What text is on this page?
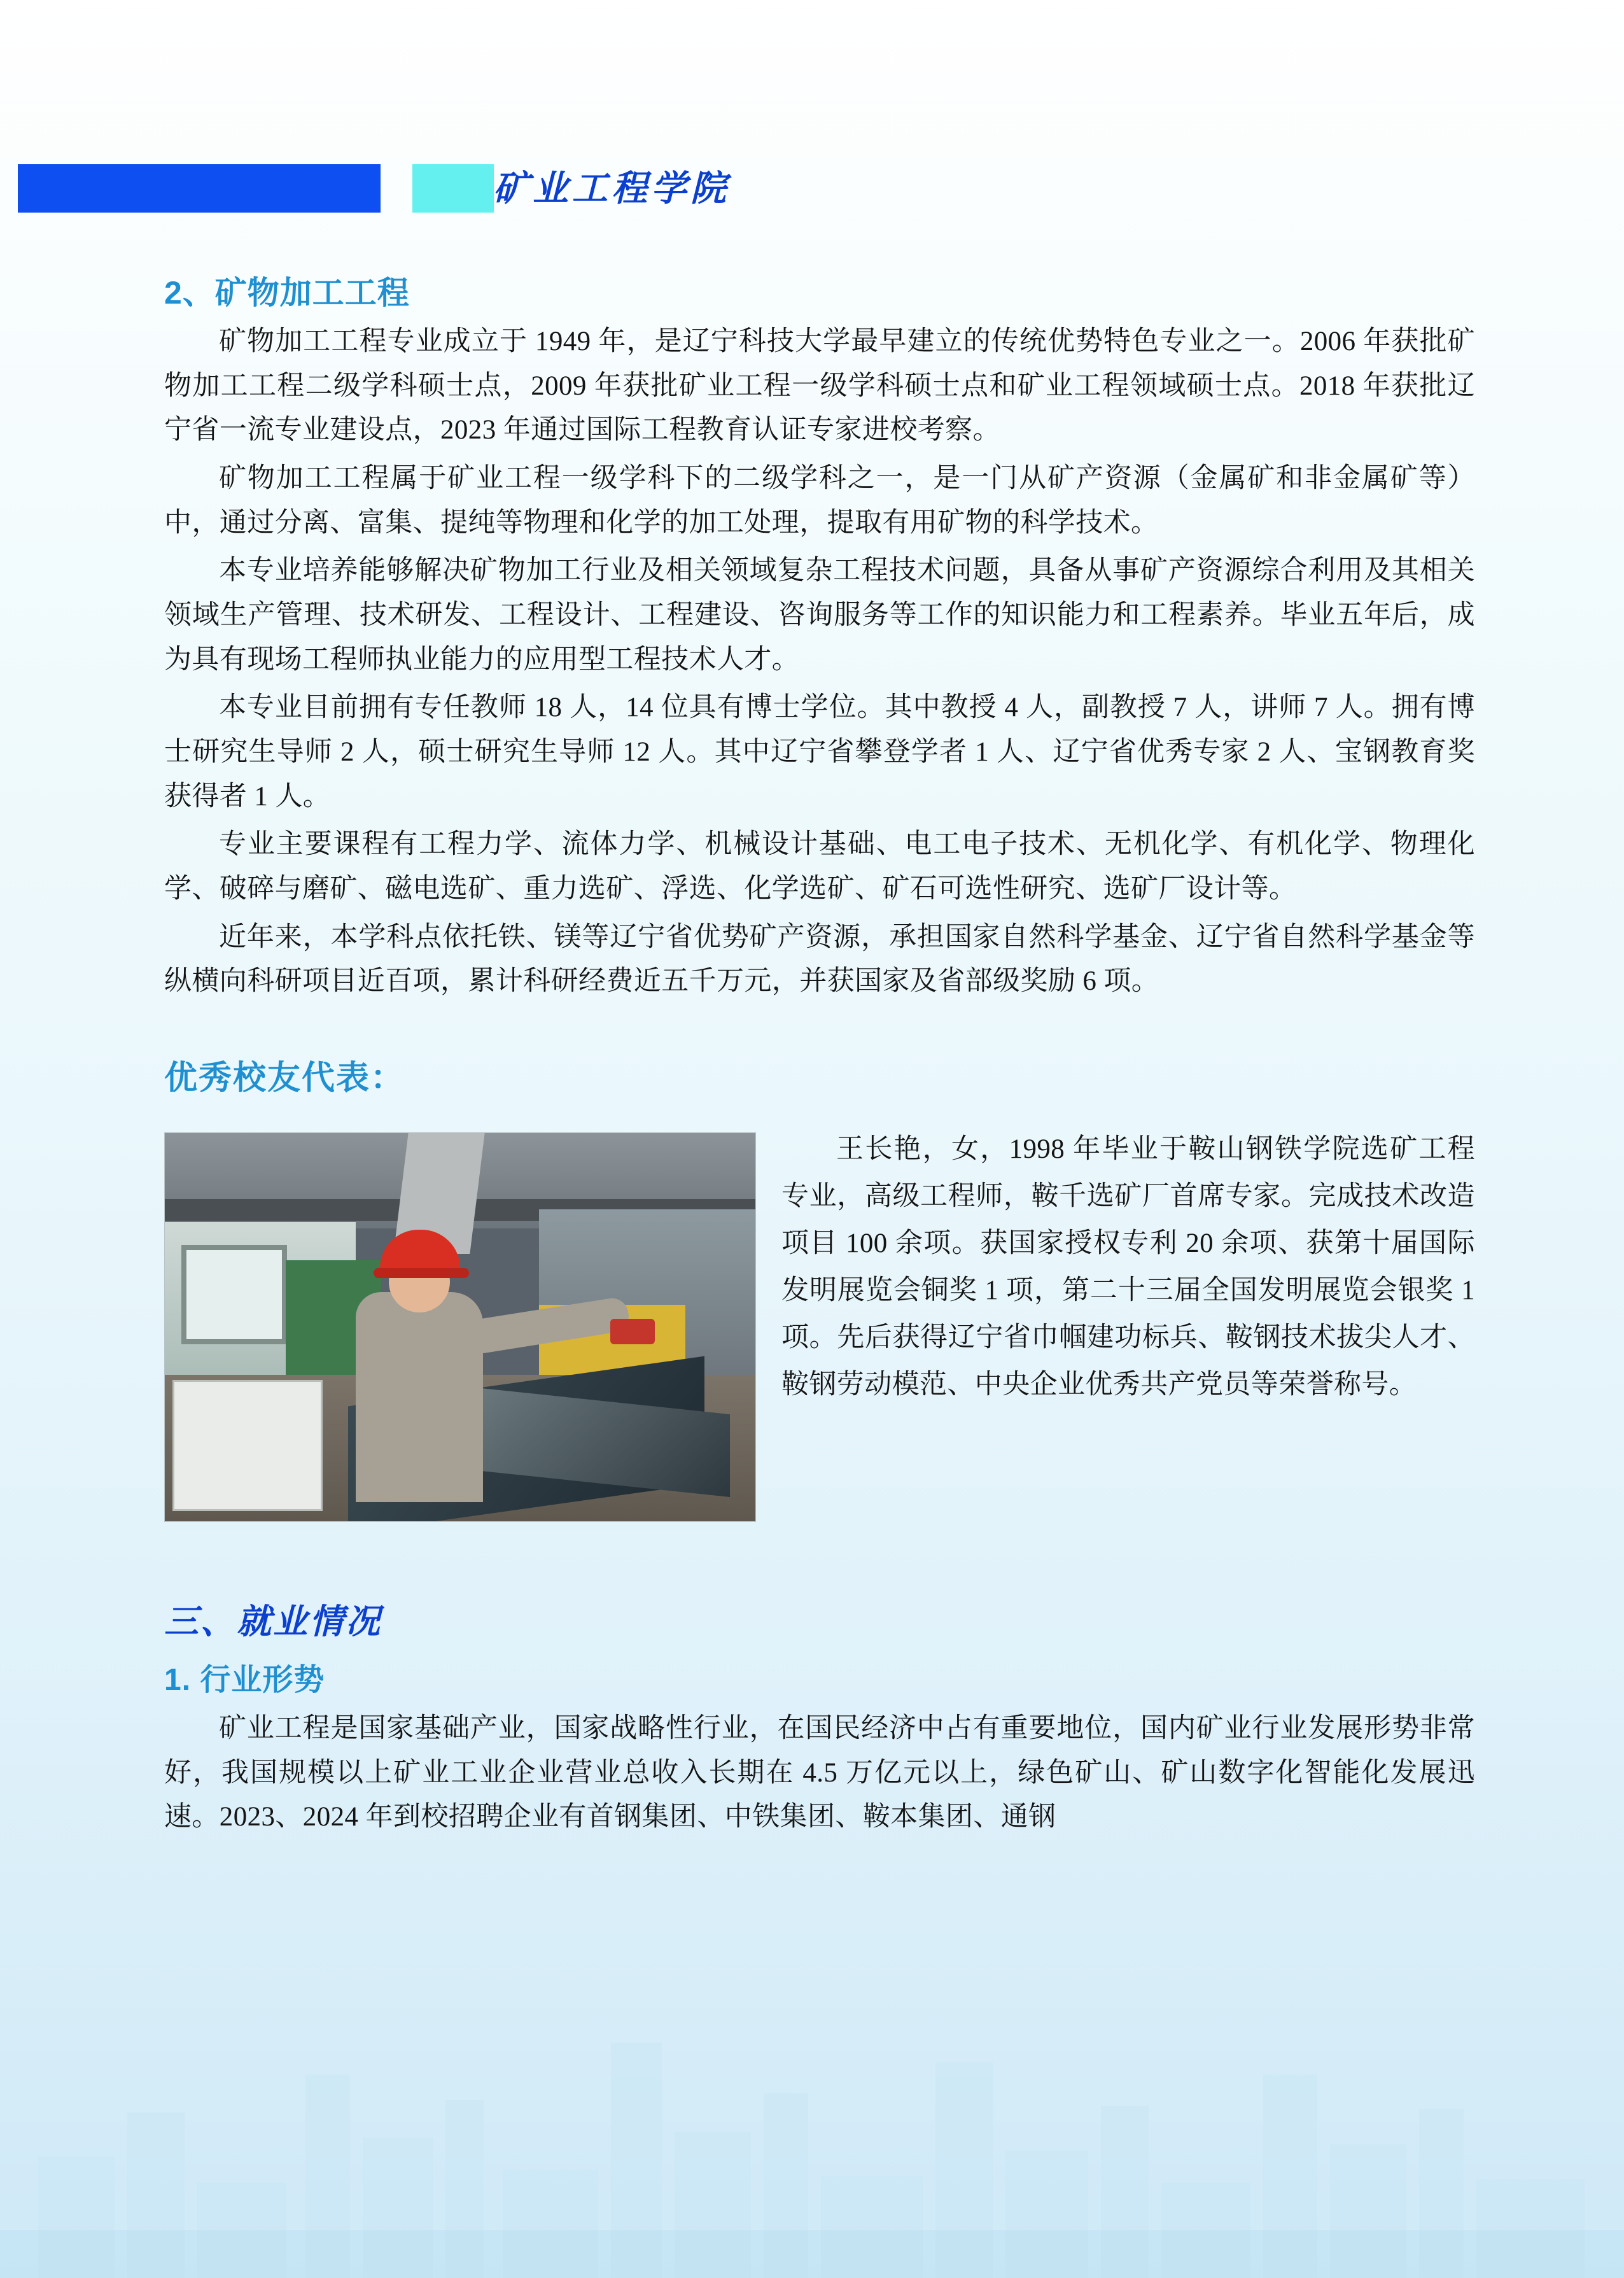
矿业工程学院
2、矿物加工工程

矿物加工工程专业成立于 1949 年，是辽宁科技大学最早建立的传统优势特色专业之一。2006 年获批矿物加工工程二级学科硕士点，2009 年获批矿业工程一级学科硕士点和矿业工程领域硕士点。2018 年获批辽宁省一流专业建设点，2023 年通过国际工程教育认证专家进校考察。

矿物加工工程属于矿业工程一级学科下的二级学科之一，是一门从矿产资源（金属矿和非金属矿等）中，通过分离、富集、提纯等物理和化学的加工处理，提取有用矿物的科学技术。

本专业培养能够解决矿物加工行业及相关领域复杂工程技术问题，具备从事矿产资源综合利用及其相关领域生产管理、技术研发、工程设计、工程建设、咨询服务等工作的知识能力和工程素养。毕业五年后，成为具有现场工程师执业能力的应用型工程技术人才。

本专业目前拥有专任教师 18 人，14 位具有博士学位。其中教授 4 人，副教授 7 人，讲师 7 人。拥有博士研究生导师 2 人，硕士研究生导师 12 人。其中辽宁省攀登学者 1 人、辽宁省优秀专家 2 人、宝钢教育奖获得者 1 人。

专业主要课程有工程力学、流体力学、机械设计基础、电工电子技术、无机化学、有机化学、物理化学、破碎与磨矿、磁电选矿、重力选矿、浮选、化学选矿、矿石可选性研究、选矿厂设计等。

近年来，本学科点依托铁、镁等辽宁省优势矿产资源，承担国家自然科学基金、辽宁省自然科学基金等纵横向科研项目近百项，累计科研经费近五千万元，并获国家及省部级奖励 6 项。

优秀校友代表：

王长艳，女，1998 年毕业于鞍山钢铁学院选矿工程专业，高级工程师，鞍千选矿厂首席专家。完成技术改造项目 100 余项。获国家授权专利 20 余项、获第十届国际发明展览会铜奖 1 项，第二十三届全国发明展览会银奖 1 项。先后获得辽宁省巾帼建功标兵、鞍钢技术拔尖人才、鞍钢劳动模范、中央企业优秀共产党员等荣誉称号。

三、就业情况
1. 行业形势

矿业工程是国家基础产业，国家战略性行业，在国民经济中占有重要地位，国内矿业行业发展形势非常好，我国规模以上矿业工业企业营业总收入长期在 4.5 万亿元以上，绿色矿山、矿山数字化智能化发展迅速。2023、2024 年到校招聘企业有首钢集团、中铁集团、鞍本集团、通钢
